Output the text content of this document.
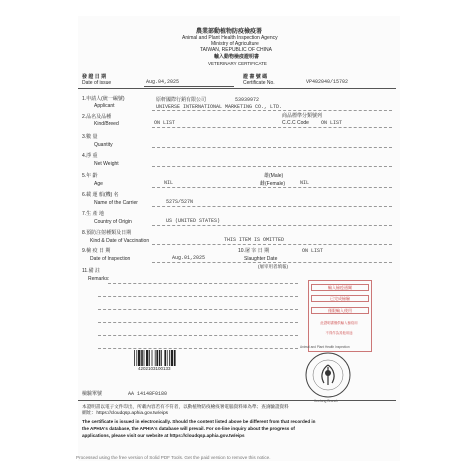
農業部動植物防疫檢疫署
Animal and Plant Health Inspection Agency
Ministry of Agriculture
TAIWAN, REPUBLIC OF CHINA
輸入動物檢疫證明書
VETERINARY CERTIFICATE
發 證 日 期
Date of issue	Aug.04,2025
證 書 號 碼
Certificate No.	VP402040/15702
1.申請人(統一編號)
Applicant
原軒國際行銷有限公司	53939972
UNIVERSE INTERNATIONAL MARKETING CO., LTD.
2.品名及品種
Kind/Breed	ON LIST
商品標準分類號列
C.C.C Code ON LIST
3.數 量
Quantity
4.淨 重
Net Weight
5.年 齡
Age	NIL
雄(Male)
雌(Female)	NIL
6.載 運 船(機) 名
Name of the Carrier	527S/527N
7.生 產 地
Country of Origin	US (UNITED STATES)
8.預防注射種類及日期
Kind & Date of Vaccination	THIS ITEM IS OMITTED
9.檢 疫 日 期
Date of Inspection	Aug.01,2025
10.屠 宰 日 期
Slaughter Date
ON LIST
(屠宰用者填報)
11.備 註
Remarks:
輸入檢疫通關
已完成檢驗
僅限輸入使用
此證明書僅供輸入檢疫用
不得作為其他用途
4202103100133
Animal and Plant Health Inspection
Keelung Branch
檢驗單號	AA 14148F0180
本證明書以電子文件印出，所載內容若有不符者，以動植物防疫檢疫署電腦資料庫為準；查詢驗證資料
網址：https://cloudqsp.aphia.gov.tw/eips
The certificate is issued in electronically. Should the content listed above be different from that recorded in
the APHIA's database, the APHIA's database will prevail. For on-line inquiry about the progress of
applications, please visit our website at https://cloudqsp.aphia.gov.tw/eips
Processed using the free version of Solid PDF Tools. Get the paid version to remove this notice.
